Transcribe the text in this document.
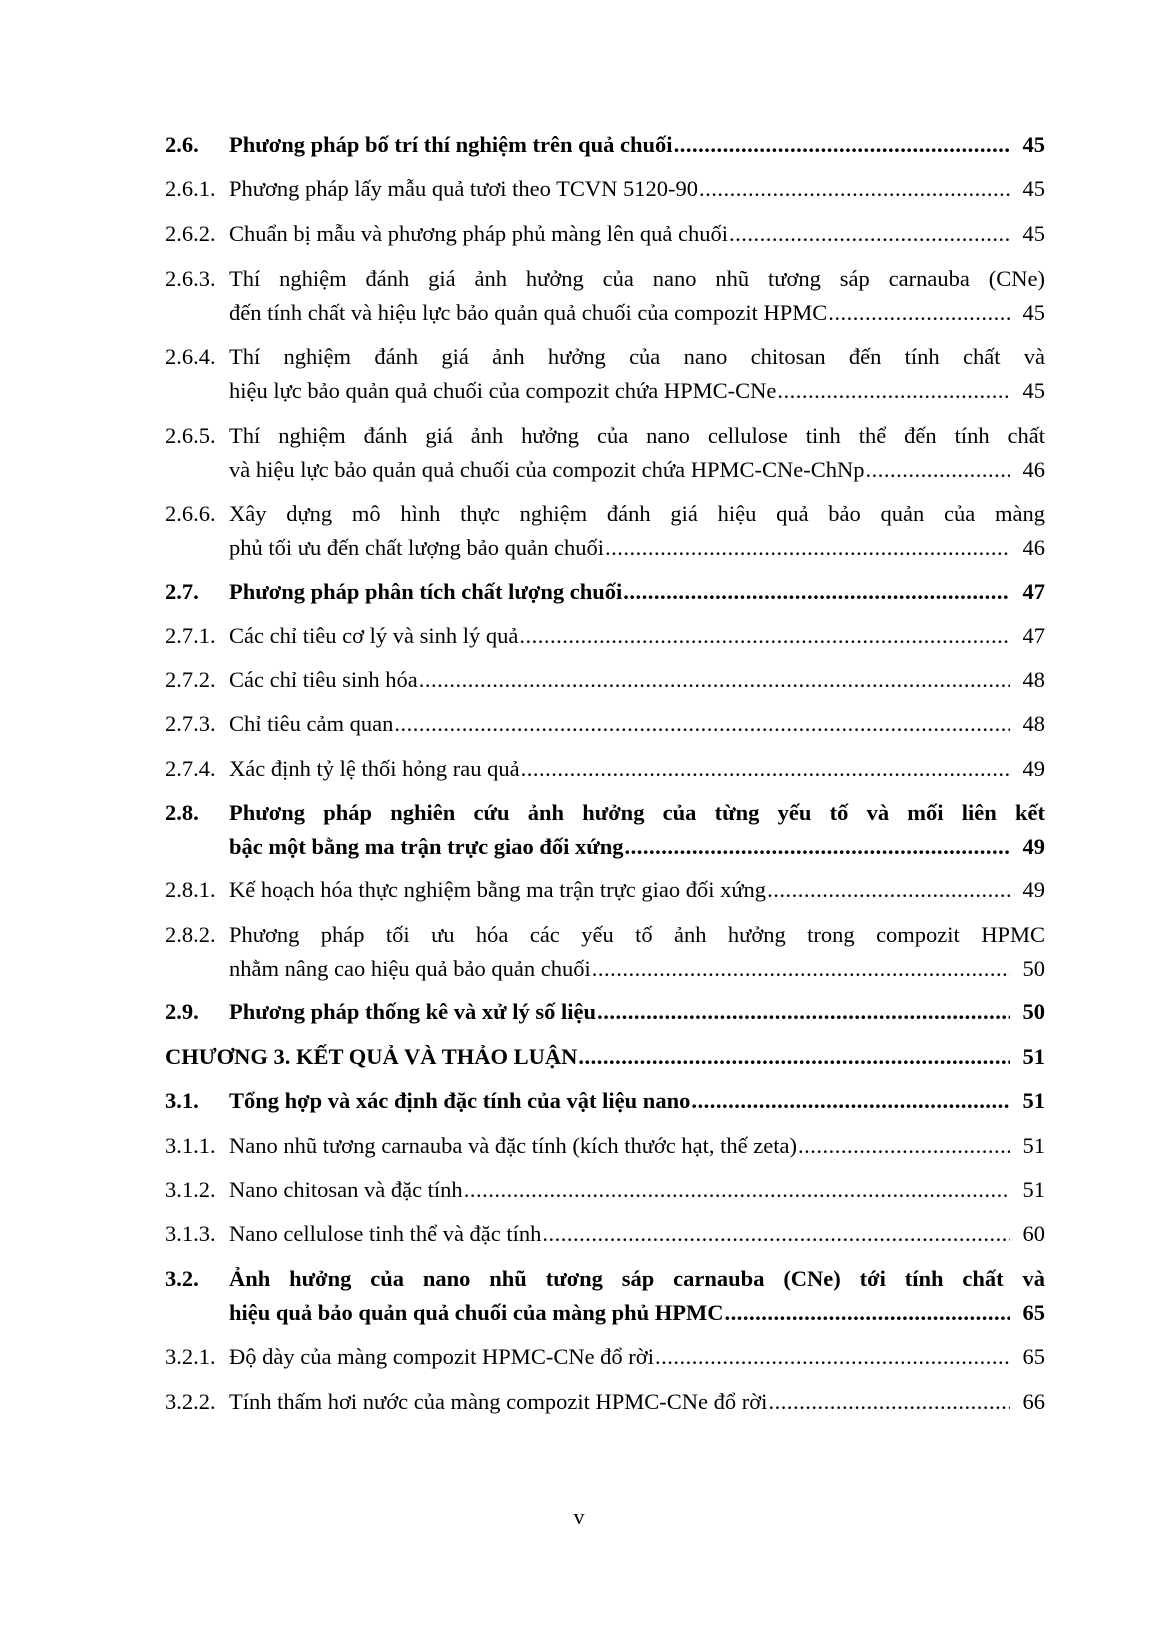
2.6.	Phương pháp bố trí thí nghiệm trên quả chuối .....	45
2.6.1. Phương pháp lấy mẫu quả tươi theo TCVN 5120-90 .....	45
2.6.2. Chuẩn bị mẫu và phương pháp phủ màng lên quả chuối .....	45
2.6.3. Thí nghiệm đánh giá ảnh hưởng của nano nhũ tương sáp carnauba (CNe)
đến tính chất và hiệu lực bảo quản quả chuối của compozit HPMC .....	45
2.6.4. Thí nghiệm đánh giá ảnh hưởng của nano chitosan đến tính chất và
hiệu lực bảo quản quả chuối của compozit chứa HPMC-CNe .....	45
2.6.5. Thí nghiệm đánh giá ảnh hưởng của nano cellulose tinh thể đến tính chất
và hiệu lực bảo quản quả chuối của compozit chứa HPMC-CNe-ChNp .....	46
2.6.6. Xây dựng mô hình thực nghiệm đánh giá hiệu quả bảo quản của màng
phủ tối ưu đến chất lượng bảo quản chuối .....	46
2.7.	Phương pháp phân tích chất lượng chuối .....	47
2.7.1. Các chỉ tiêu cơ lý và sinh lý quả .....	47
2.7.2. Các chỉ tiêu sinh hóa .....	48
2.7.3. Chỉ tiêu cảm quan .....	48
2.7.4. Xác định tỷ lệ thối hỏng rau quả .....	49
2.8.	Phương pháp nghiên cứu ảnh hưởng của từng yếu tố và mối liên kết
bậc một bằng ma trận trực giao đối xứng .....	49
2.8.1. Kế hoạch hóa thực nghiệm bằng ma trận trực giao đối xứng .....	49
2.8.2. Phương pháp tối ưu hóa các yếu tố ảnh hưởng trong compozit HPMC
nhằm nâng cao hiệu quả bảo quản chuối .....	50
2.9.	Phương pháp thống kê và xử lý số liệu .....	50
CHƯƠNG 3. KẾT QUẢ VÀ THẢO LUẬN .....	51
3.1.	Tổng hợp và xác định đặc tính của vật liệu nano .....	51
3.1.1. Nano nhũ tương carnauba và đặc tính (kích thước hạt, thế zeta) .....	51
3.1.2. Nano chitosan và đặc tính .....	51
3.1.3. Nano cellulose tinh thể và đặc tính .....	60
3.2.	Ảnh hưởng của nano nhũ tương sáp carnauba (CNe) tới tính chất và
hiệu quả bảo quản quả chuối của màng phủ HPMC .....	65
3.2.1. Độ dày của màng compozit HPMC-CNe đổ rời .....	65
3.2.2. Tính thấm hơi nước của màng compozit HPMC-CNe đổ rời .....	66
v
